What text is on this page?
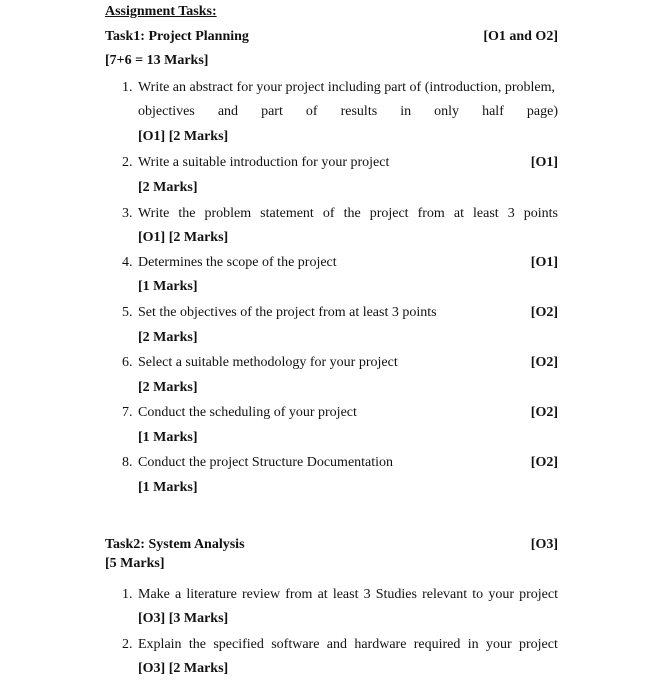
Assignment Tasks:
Task1: Project Planning	[O1 and O2]
[7+6 = 13 Marks]
1. Write an abstract for your project including part of (introduction, problem,
objectives and part of results in only half page)
[O1] [2 Marks]
2. Write a suitable introduction for your project	[O1]
[2 Marks]
3. Write the problem statement of the project from at least 3 points
[O1] [2 Marks]
4. Determines the scope of the project	[O1]
[1 Marks]
5. Set the objectives of the project from at least 3 points	[O2]
[2 Marks]
6. Select a suitable methodology for your project	[O2]
[2 Marks]
7. Conduct the scheduling of your project	[O2]
[1 Marks]
8. Conduct the project Structure Documentation	[O2]
[1 Marks]
Task2: System Analysis	[O3]
[5 Marks]
1. Make a literature review from at least 3 Studies relevant to your project
[O3] [3 Marks]
2. Explain the specified software and hardware required in your project
[O3] [2 Marks]
